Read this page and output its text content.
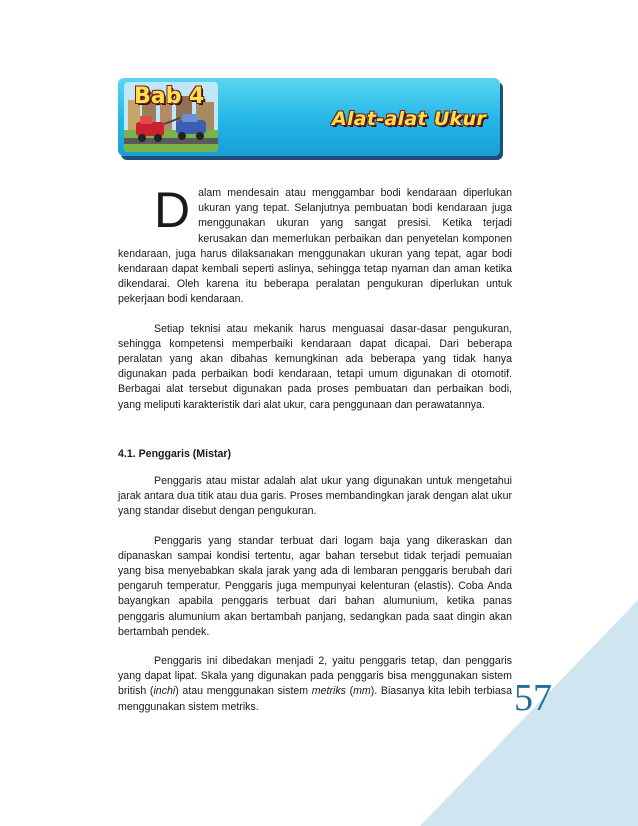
Bab 4
Alat-alat Ukur

Dalam mendesain atau menggambar bodi kendaraan diperlukan ukuran yang tepat. Selanjutnya pembuatan bodi kendaraan juga menggunakan ukuran yang sangat presisi. Ketika terjadi kerusakan dan memerlukan perbaikan dan penyetelan komponen kendaraan, juga harus dilaksanakan menggunakan ukuran yang tepat, agar bodi kendaraan dapat kembali seperti aslinya, sehingga tetap nyaman dan aman ketika dikendarai. Oleh karena itu beberapa peralatan pengukuran diperlukan untuk pekerjaan bodi kendaraan.

Setiap teknisi atau mekanik harus menguasai dasar-dasar pengukuran, sehingga kompetensi memperbaiki kendaraan dapat dicapai. Dari beberapa peralatan yang akan dibahas kemungkinan ada beberapa yang tidak hanya digunakan pada perbaikan bodi kendaraan, tetapi umum digunakan di otomotif. Berbagai alat tersebut digunakan pada proses pembuatan dan perbaikan bodi, yang meliputi karakteristik dari alat ukur, cara penggunaan dan perawatannya.

4.1. Penggaris (Mistar)

Penggaris atau mistar adalah alat ukur yang digunakan untuk mengetahui jarak antara dua titik atau dua garis. Proses membandingkan jarak dengan alat ukur yang standar disebut dengan pengukuran.

Penggaris yang standar terbuat dari logam baja yang dikeraskan dan dipanaskan sampai kondisi tertentu, agar bahan tersebut tidak terjadi pemuaian yang bisa menyebabkan skala jarak yang ada di lembaran penggaris berubah dari pengaruh temperatur. Penggaris juga mempunyai kelenturan (elastis). Coba Anda bayangkan apabila penggaris terbuat dari bahan alumunium, ketika panas penggaris alumunium akan bertambah panjang, sedangkan pada saat dingin akan bertambah pendek.

Penggaris ini dibedakan menjadi 2, yaitu penggaris tetap, dan penggaris yang dapat lipat. Skala yang digunakan pada penggaris bisa menggunakan sistem british (inchi) atau menggunakan sistem metriks (mm). Biasanya kita lebih terbiasa menggunakan sistem metriks.	57
